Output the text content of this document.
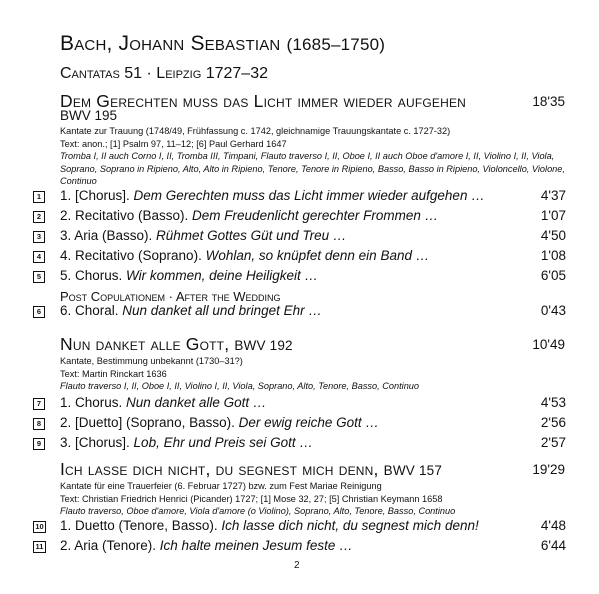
Bach, Johann Sebastian (1685–1750)
Cantatas 51 · Leipzig 1727–32
Dem Gerechten muss das Licht immer wieder aufgehen	18'35
BWV 195
Kantate zur Trauung (1748/49, Frühfassung c. 1742, gleichnamige Trauungskantate c. 1727-32)
Text: anon.; [1] Psalm 97, 11–12; [6] Paul Gerhard 1647
Tromba I, II auch Corno I, II, Tromba III, Timpani, Flauto traverso I, II, Oboe I, II auch Oboe d'amore I, II, Violino I, II, Viola, Soprano, Soprano in Ripieno, Alto, Alto in Ripieno, Tenore, Tenore in Ripieno, Basso, Basso in Ripieno, Violoncello, Violone, Continuo
1 1. [Chorus]. Dem Gerechten muss das Licht immer wieder aufgehen …	4'37
2 2. Recitativo (Basso). Dem Freudenlicht gerechter Frommen …	1'07
3 3. Aria (Basso). Rühmet Gottes Güt und Treu …	4'50
4 4. Recitativo (Soprano). Wohlan, so knüpfet denn ein Band …	1'08
5 5. Chorus. Wir kommen, deine Heiligkeit …	6'05
Post Copulationem · After the Wedding
6 6. Choral. Nun danket all und bringet Ehr …	0'43
Nun danket alle Gott, BWV 192	10'49
Kantate, Bestimmung unbekannt (1730–31?)
Text: Martin Rinckart 1636
Flauto traverso I, II, Oboe I, II, Violino I, II, Viola, Soprano, Alto, Tenore, Basso, Continuo
7 1. Chorus. Nun danket alle Gott …	4'53
8 2. [Duetto] (Soprano, Basso). Der ewig reiche Gott …	2'56
9 3. [Chorus]. Lob, Ehr und Preis sei Gott …	2'57
Ich lasse dich nicht, du segnest mich denn, BWV 157	19'29
Kantate für eine Trauerfeier (6. Februar 1727) bzw. zum Fest Mariae Reinigung
Text: Christian Friedrich Henrici (Picander) 1727; [1] Mose 32, 27; [5] Christian Keymann 1658
Flauto traverso, Oboe d'amore, Viola d'amore (o Violino), Soprano, Alto, Tenore, Basso, Continuo
10 1. Duetto (Tenore, Basso). Ich lasse dich nicht, du segnest mich denn!	4'48
11 2. Aria (Tenore). Ich halte meinen Jesum feste …	6'44
2
